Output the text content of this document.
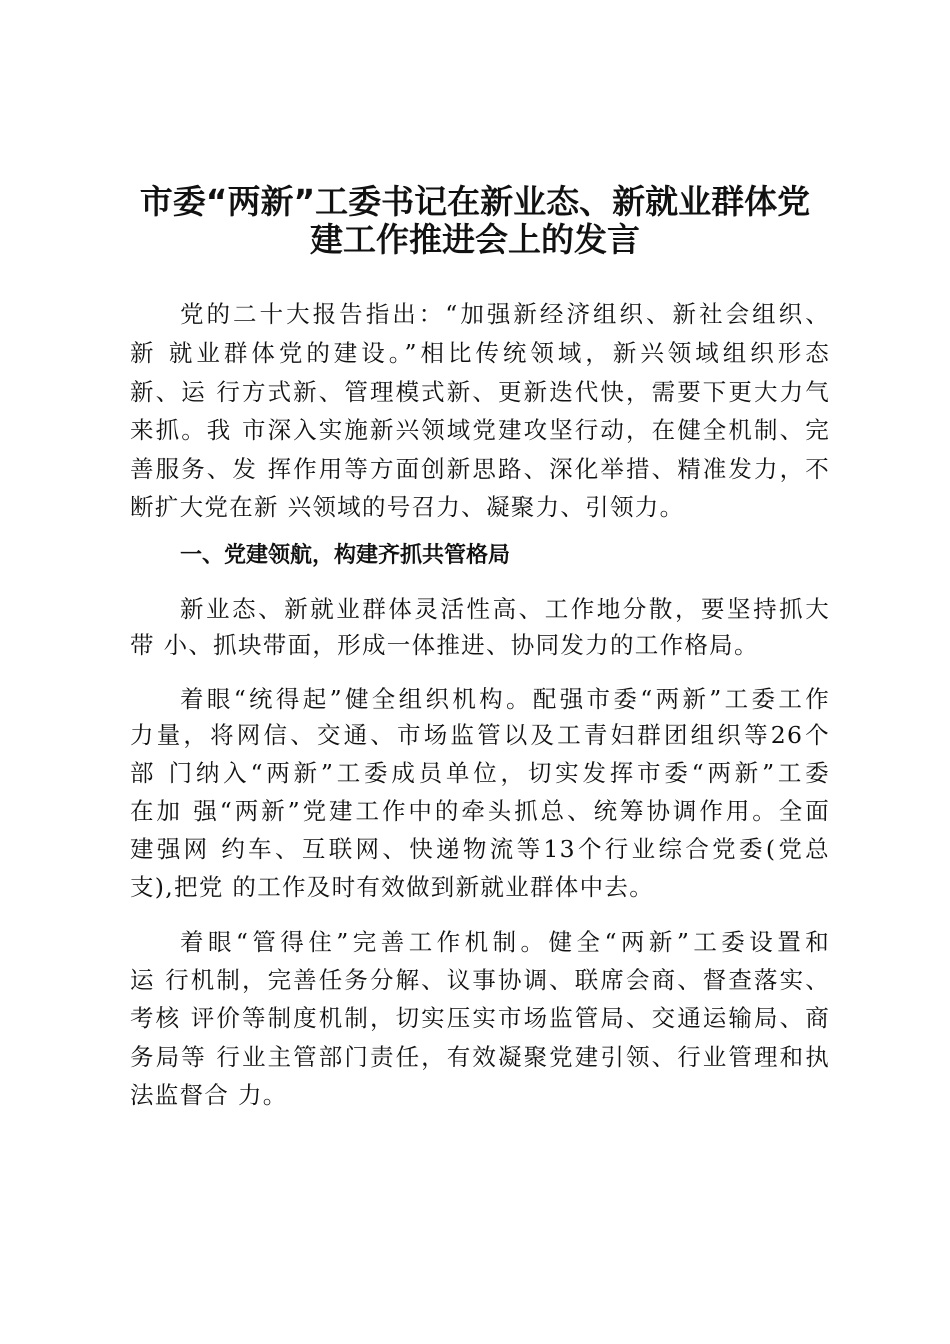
市委“两新”工委书记在新业态、新就业群体党
建工作推进会上的发言
党的二十大报告指出：“加强新经济组织、新社会组织、
新 就业群体党的建设。”相比传统领域，新兴领域组织形态
新、运 行方式新、管理模式新、更新迭代快，需要下更大力气
来抓。我 市深入实施新兴领域党建攻坚行动，在健全机制、完
善服务、发 挥作用等方面创新思路、深化举措、精准发力，不
断扩大党在新 兴领域的号召力、凝聚力、引领力。
一、党建领航，构建齐抓共管格局
新业态、新就业群体灵活性高、工作地分散，要坚持抓大
带 小、抓块带面，形成一体推进、协同发力的工作格局。
着眼“统得起”健全组织机构。配强市委“两新”工委工作
力量，将网信、交通、市场监管以及工青妇群团组织等26个
部 门纳入“两新”工委成员单位，切实发挥市委“两新”工委
在加 强“两新”党建工作中的牵头抓总、统筹协调作用。全面
建强网 约车、互联网、快递物流等13个行业综合党委(党总
支),把党 的工作及时有效做到新就业群体中去。
着眼“管得住”完善工作机制。健全“两新”工委设置和
运 行机制，完善任务分解、议事协调、联席会商、督查落实、
考核 评价等制度机制，切实压实市场监管局、交通运输局、商
务局等 行业主管部门责任，有效凝聚党建引领、行业管理和执
法监督合 力。
